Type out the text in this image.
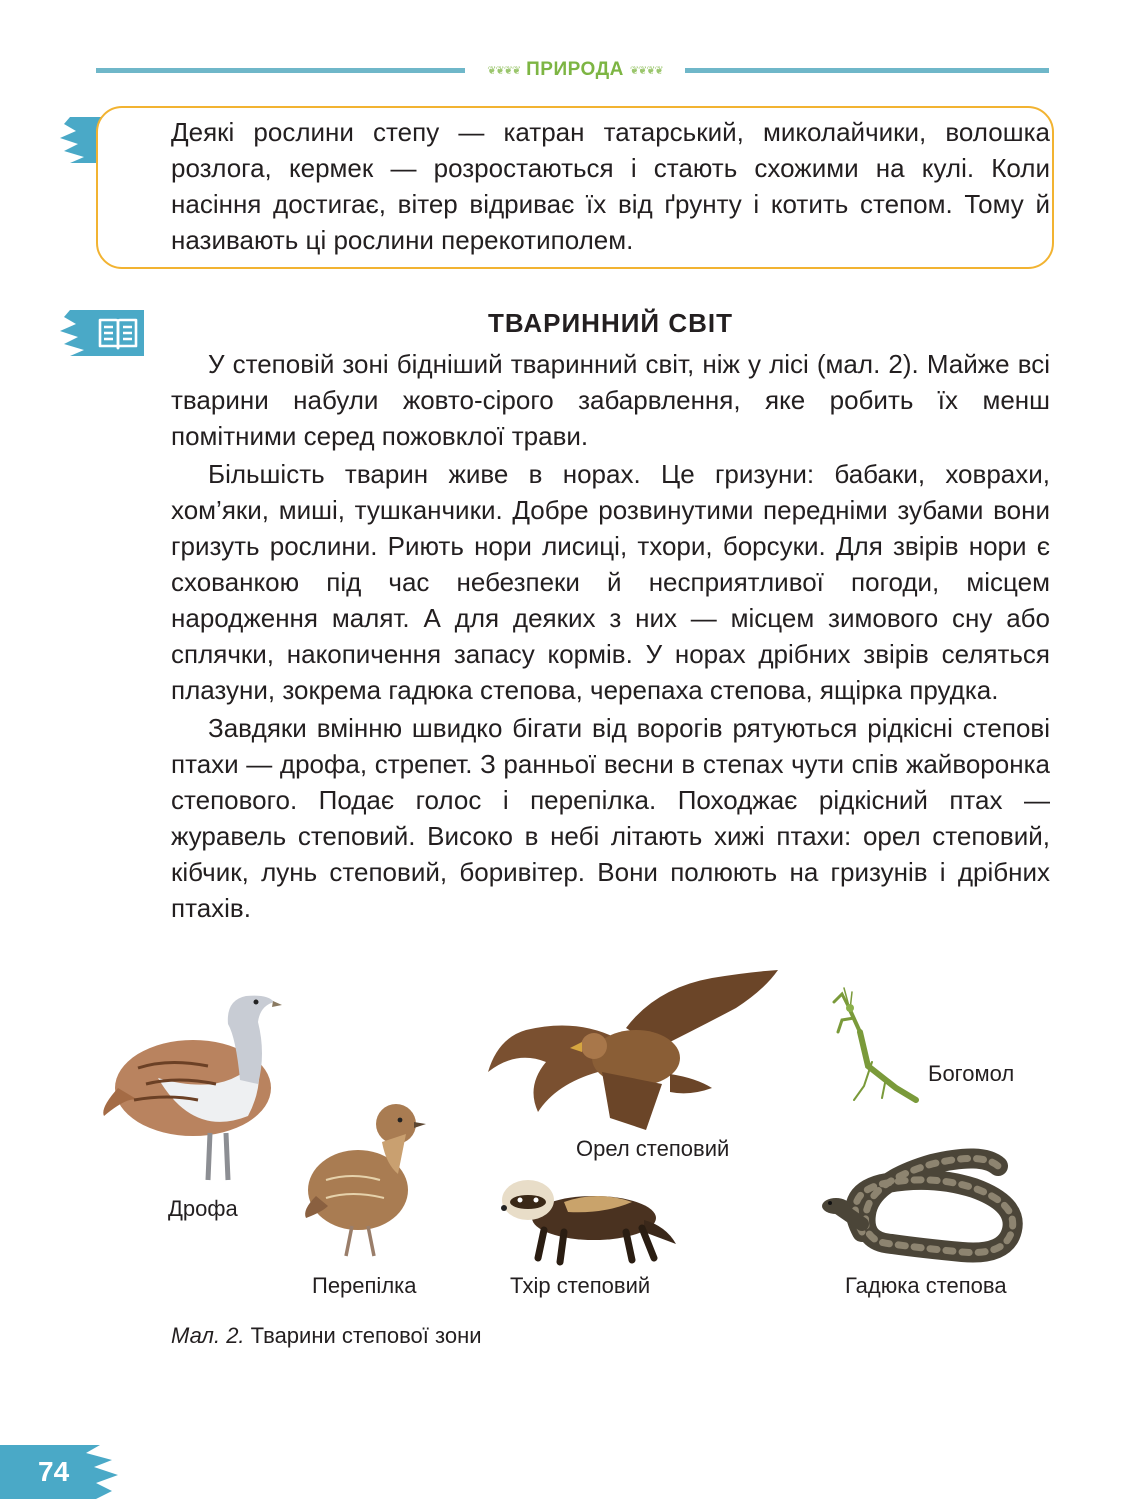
❦❦❦❦ ПРИРОДА ❦❦❦❦

Деякі рослини степу — катран татарський, миколайчики, волошка розлога, кермек — розростаються і стають схожими на кулі. Коли насіння достигає, вітер відриває їх від ґрунту і котить степом. Тому й називають ці рослини перекотиполем.

ТВАРИННИЙ СВІТ

У степовій зоні бідніший тваринний світ, ніж у лісі (мал. 2). Майже всі тварини набули жовто-сірого забарвлення, яке робить їх менш помітними серед пожовклої трави.

Більшість тварин живе в норах. Це гризуни: бабаки, ховрахи, хом’яки, миші, тушканчики. Добре розвинутими передніми зубами вони гризуть рослини. Риють нори лисиці, тхори, борсуки. Для звірів нори є схованкою під час небезпеки й несприятливої погоди, місцем народження малят. А для деяких з них — місцем зимового сну або сплячки, накопичення запасу кормів. У норах дрібних звірів селяться плазуни, зокрема гадюка степова, черепаха степова, ящірка прудка.

Завдяки вмінню швидко бігати від ворогів рятуються рідкісні степові птахи — дрофа, стрепет. З ранньої весни в степах чути спів жайворонка степового. Подає голос і перепілка. Походжає рідкісний птах — журавель степовий. Високо в небі літають хижі птахи: орел степовий, кібчик, лунь степовий, боривітер. Вони полюють на гризунів і дрібних птахів.

Дрофа
Перепілка
Орел степовий
Тхір степовий
Богомол
Гадюка степова
Мал. 2. Тварини степової зони
74
